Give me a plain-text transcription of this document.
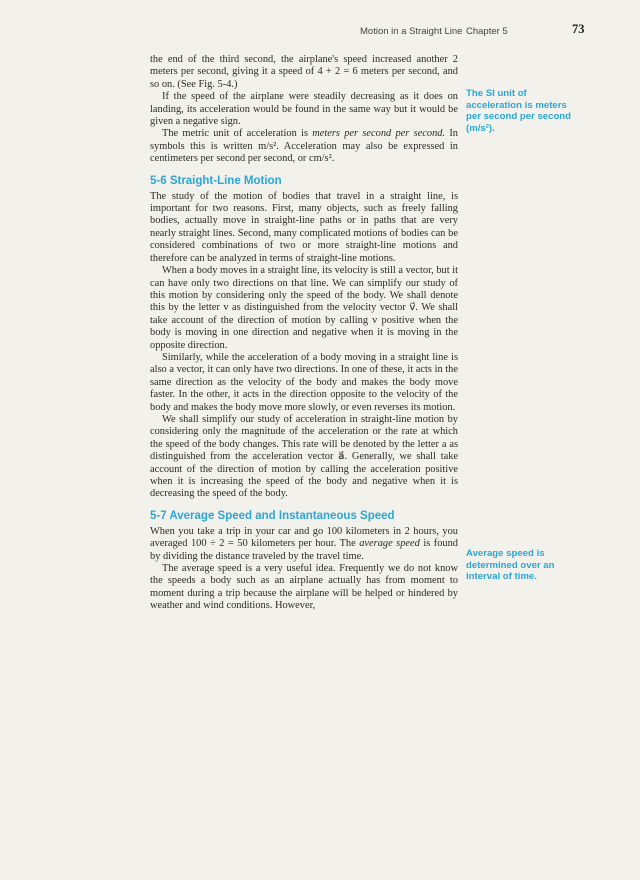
Motion in a Straight Line Chapter 5	73

the end of the third second, the airplane's speed increased another 2 meters per second, giving it a speed of 4 + 2 = 6 meters per second, and so on. (See Fig. 5-4.)

If the speed of the airplane were steadily decreasing as it does on landing, its acceleration would be found in the same way but it would be given a negative sign.

The metric unit of acceleration is meters per second per second. In symbols this is written m/s². Acceleration may also be expressed in centimeters per second per second, or cm/s².

5-6 Straight-Line Motion

The study of the motion of bodies that travel in a straight line, is important for two reasons. First, many objects, such as freely falling bodies, actually move in straight-line paths or in paths that are very nearly straight lines. Second, many complicated motions of bodies can be considered combinations of two or more straight-line motions and therefore can be analyzed in terms of straight-line motions.

When a body moves in a straight line, its velocity is still a vector, but it can have only two directions on that line. We can simplify our study of this motion by considering only the speed of the body. We shall denote this by the letter v as distinguished from the velocity vector v⃗. We shall take account of the direction of motion by calling v positive when the body is moving in one direction and negative when it is moving in the opposite direction.

Similarly, while the acceleration of a body moving in a straight line is also a vector, it can only have two directions. In one of these, it acts in the same direction as the velocity of the body and makes the body move faster. In the other, it acts in the direction opposite to the velocity of the body and makes the body move more slowly, or even reverses its motion.

We shall simplify our study of acceleration in straight-line motion by considering only the magnitude of the acceleration or the rate at which the speed of the body changes. This rate will be denoted by the letter a as distinguished from the acceleration vector a⃗. Generally, we shall take account of the direction of motion by calling the acceleration positive when it is increasing the speed of the body and negative when it is decreasing the speed of the body.

5-7 Average Speed and Instantaneous Speed

When you take a trip in your car and go 100 kilometers in 2 hours, you averaged 100 ÷ 2 = 50 kilometers per hour. The average speed is found by dividing the distance traveled by the travel time.

The average speed is a very useful idea. Frequently we do not know the speeds a body such as an airplane actually has from moment to moment during a trip because the airplane will be helped or hindered by weather and wind conditions. However,

The SI unit of acceleration is meters per second per second (m/s²).
Average speed is determined over an interval of time.
